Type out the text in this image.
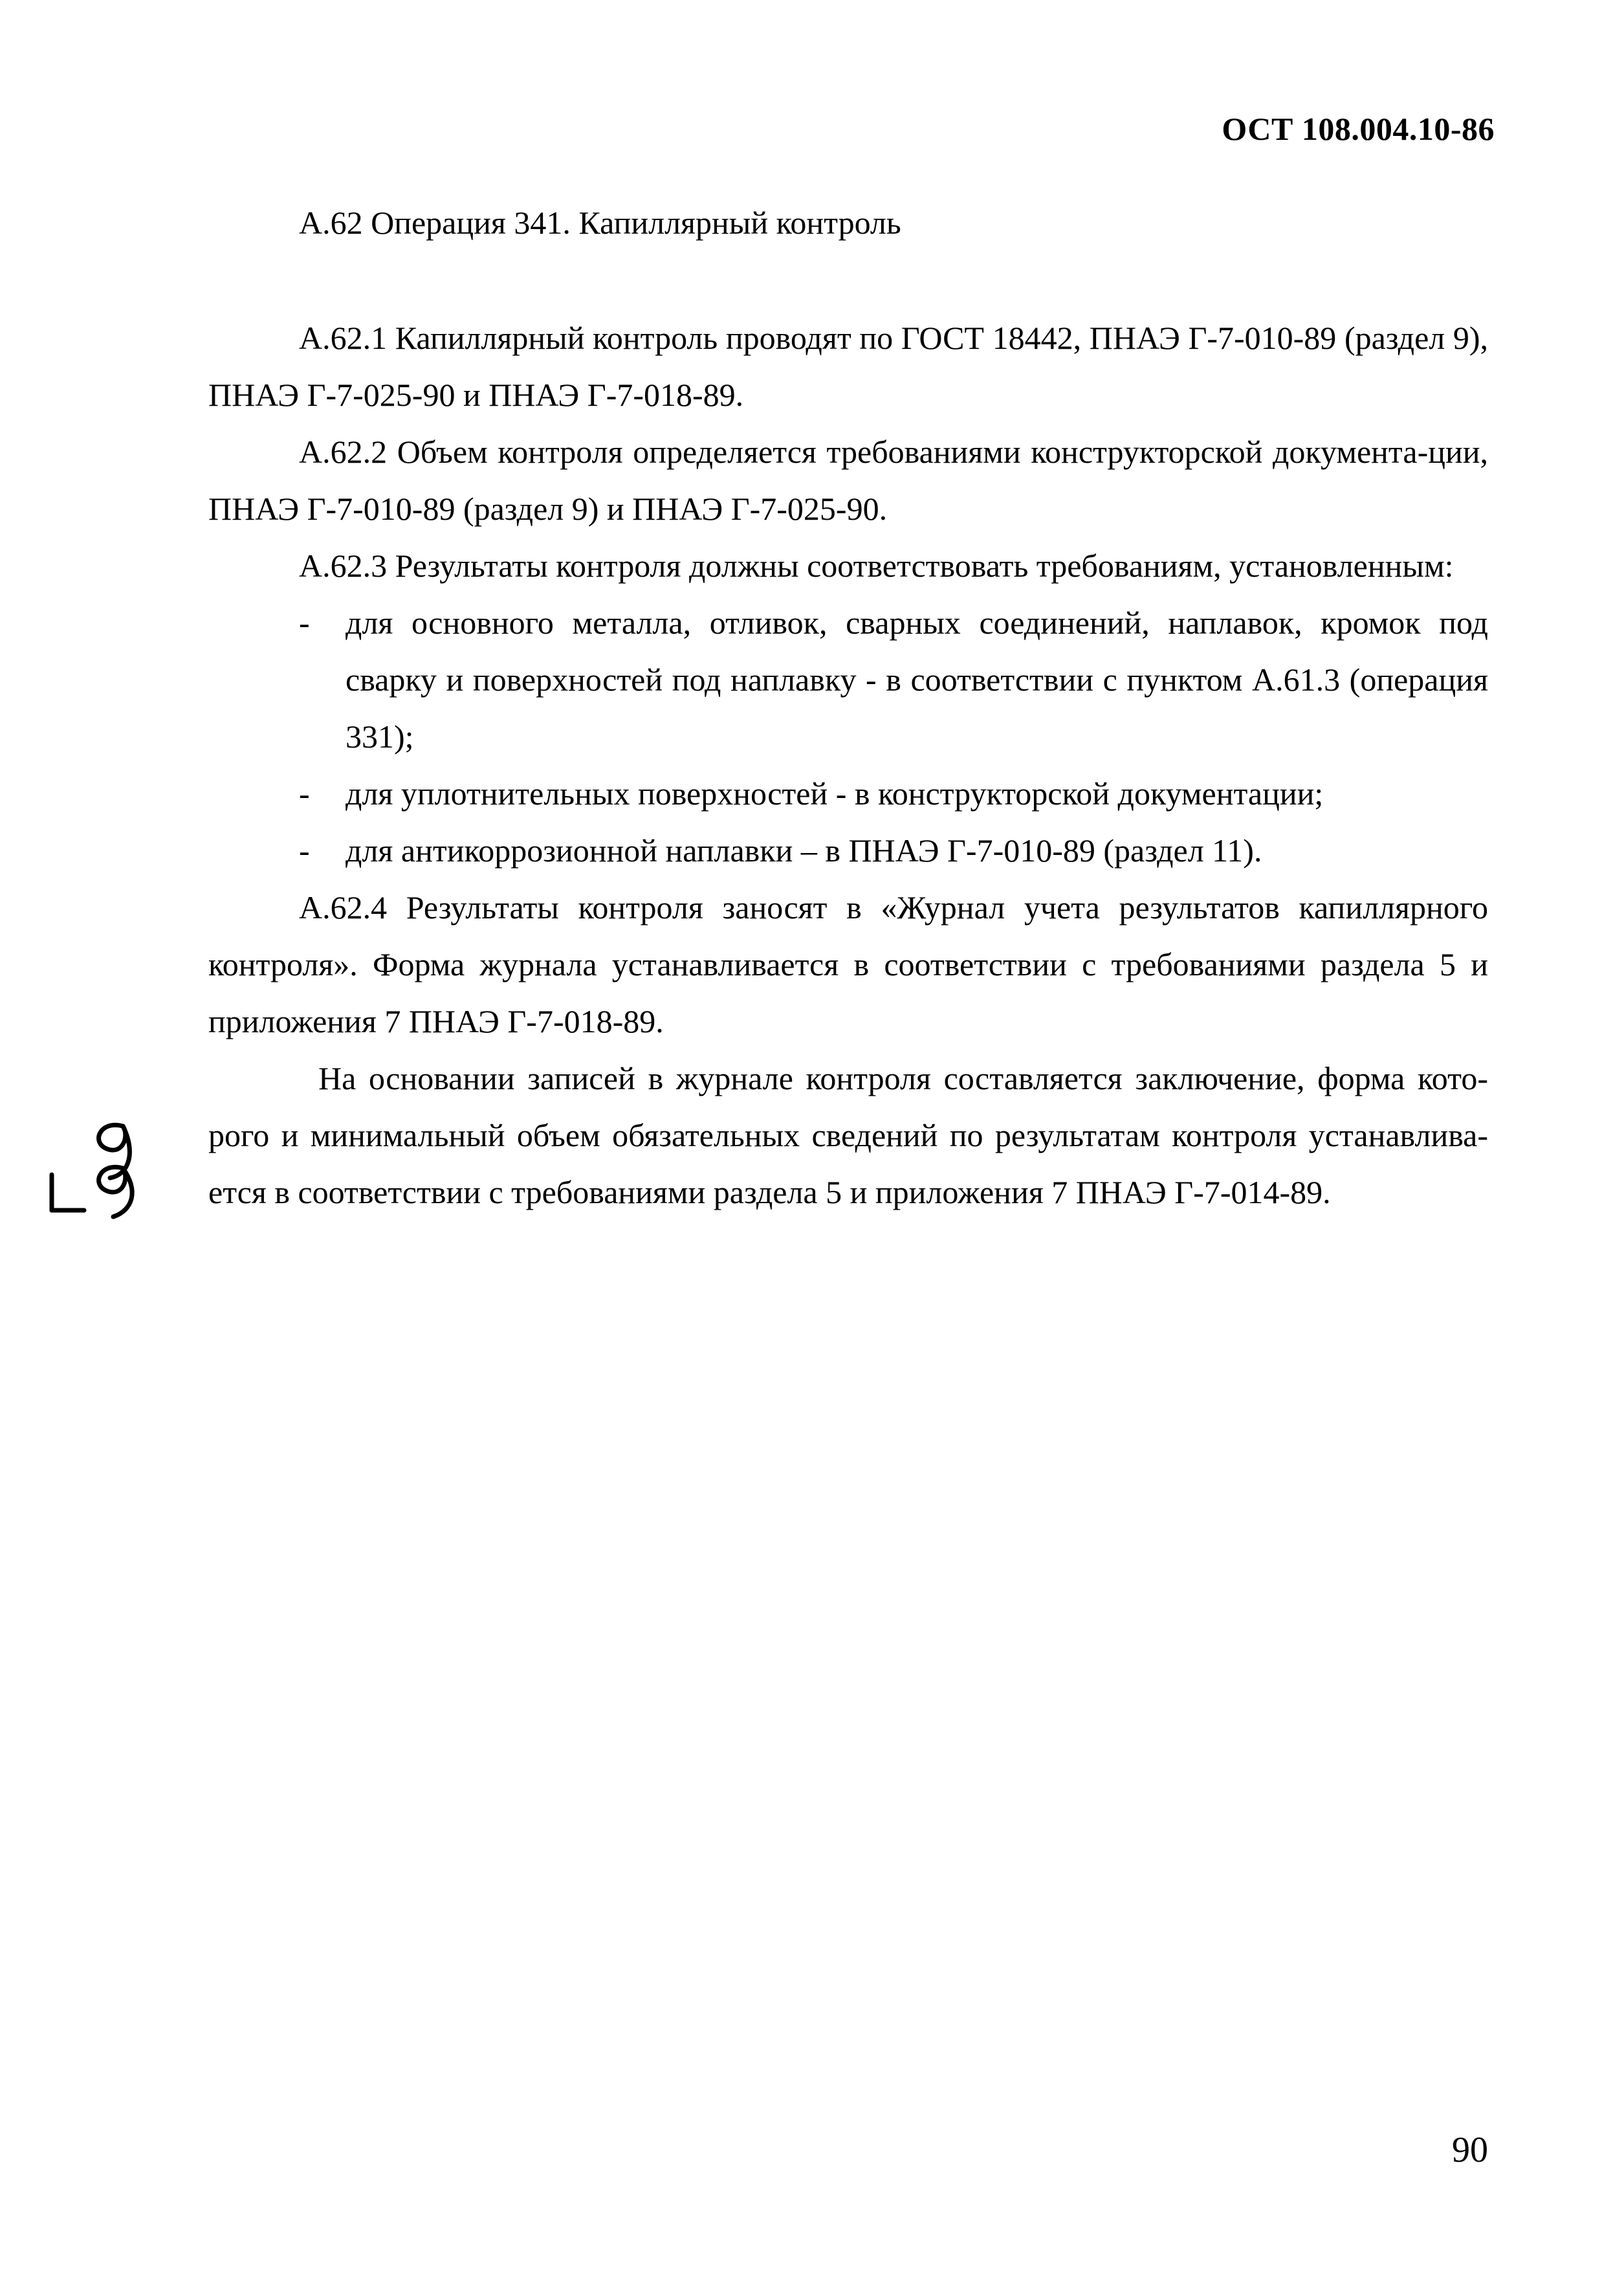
ОСТ 108.004.10-86
А.62 Операция 341. Капиллярный контроль

А.62.1 Капиллярный контроль проводят по ГОСТ 18442, ПНАЭ Г-7-010-89 (раздел 9), ПНАЭ Г-7-025-90 и ПНАЭ Г-7-018-89.

А.62.2 Объем контроля определяется требованиями конструкторской документа-ции, ПНАЭ Г-7-010-89 (раздел 9) и ПНАЭ Г-7-025-90.

А.62.3 Результаты контроля должны соответствовать требованиям, установленным:

-	для основного металла, отливок, сварных соединений, наплавок, кромок под сварку и поверхностей под наплавку - в соответствии с пунктом А.61.3 (операция 331);
-	для уплотнительных поверхностей - в конструкторской документации;
-	для антикоррозионной наплавки – в ПНАЭ Г-7-010-89 (раздел 11).

А.62.4 Результаты контроля заносят в «Журнал учета результатов капиллярного контроля». Форма журнала устанавливается в соответствии с требованиями раздела 5 и приложения 7 ПНАЭ Г-7-018-89.

На основании записей в журнале контроля составляется заключение, форма кото-рого и минимальный объем обязательных сведений по результатам контроля устанавлива-ется в соответствии с требованиями раздела 5 и приложения 7 ПНАЭ Г-7-014-89.

90
